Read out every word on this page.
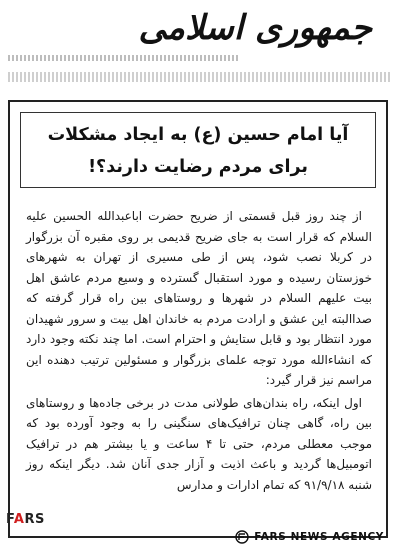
جمهوری اسلامی
آیا امام حسین (ع) به ایجاد مشکلات
برای مردم رضایت دارند؟!

از چند روز قبل قسمتی از ضریح حضرت اباعبدالله الحسین علیه السلام که قرار است به جای ضریح قدیمی بر روی مقبره آن بزرگوار در کربلا نصب شود، پس از طی مسیری از تهران به شهرهای خوزستان رسیده و مورد استقبال گسترده و وسیع مردم عاشق اهل بیت علیهم السلام در شهرها و روستاهای بین راه قرار گرفته که صداالبته این عشق و ارادت مردم به خاندان اهل بیت و سرور شهیدان مورد انتظار بود و قابل ستایش و احترام است. اما چند نکته وجود دارد که انشاءالله مورد توجه علمای بزرگوار و مسئولین ترتیب دهنده این مراسم نیز قرار گیرد:

اول اینکه، راه بندان‌های طولانی مدت در برخی جاده‌ها و روستاهای بین راه، گاهی چنان ترافیک‌های سنگینی را به وجود آورده بود که موجب معطلی مردم، حتی تا ۴ ساعت و یا بیشتر هم در ترافیک اتومبیل‌ها گردید و باعث اذیت و آزار جدی آنان شد. دیگر اینکه روز شنبه ۹۱/۹/۱۸ که تمام ادارات و مدارس

FARS
FARS NEWS AGENCY
